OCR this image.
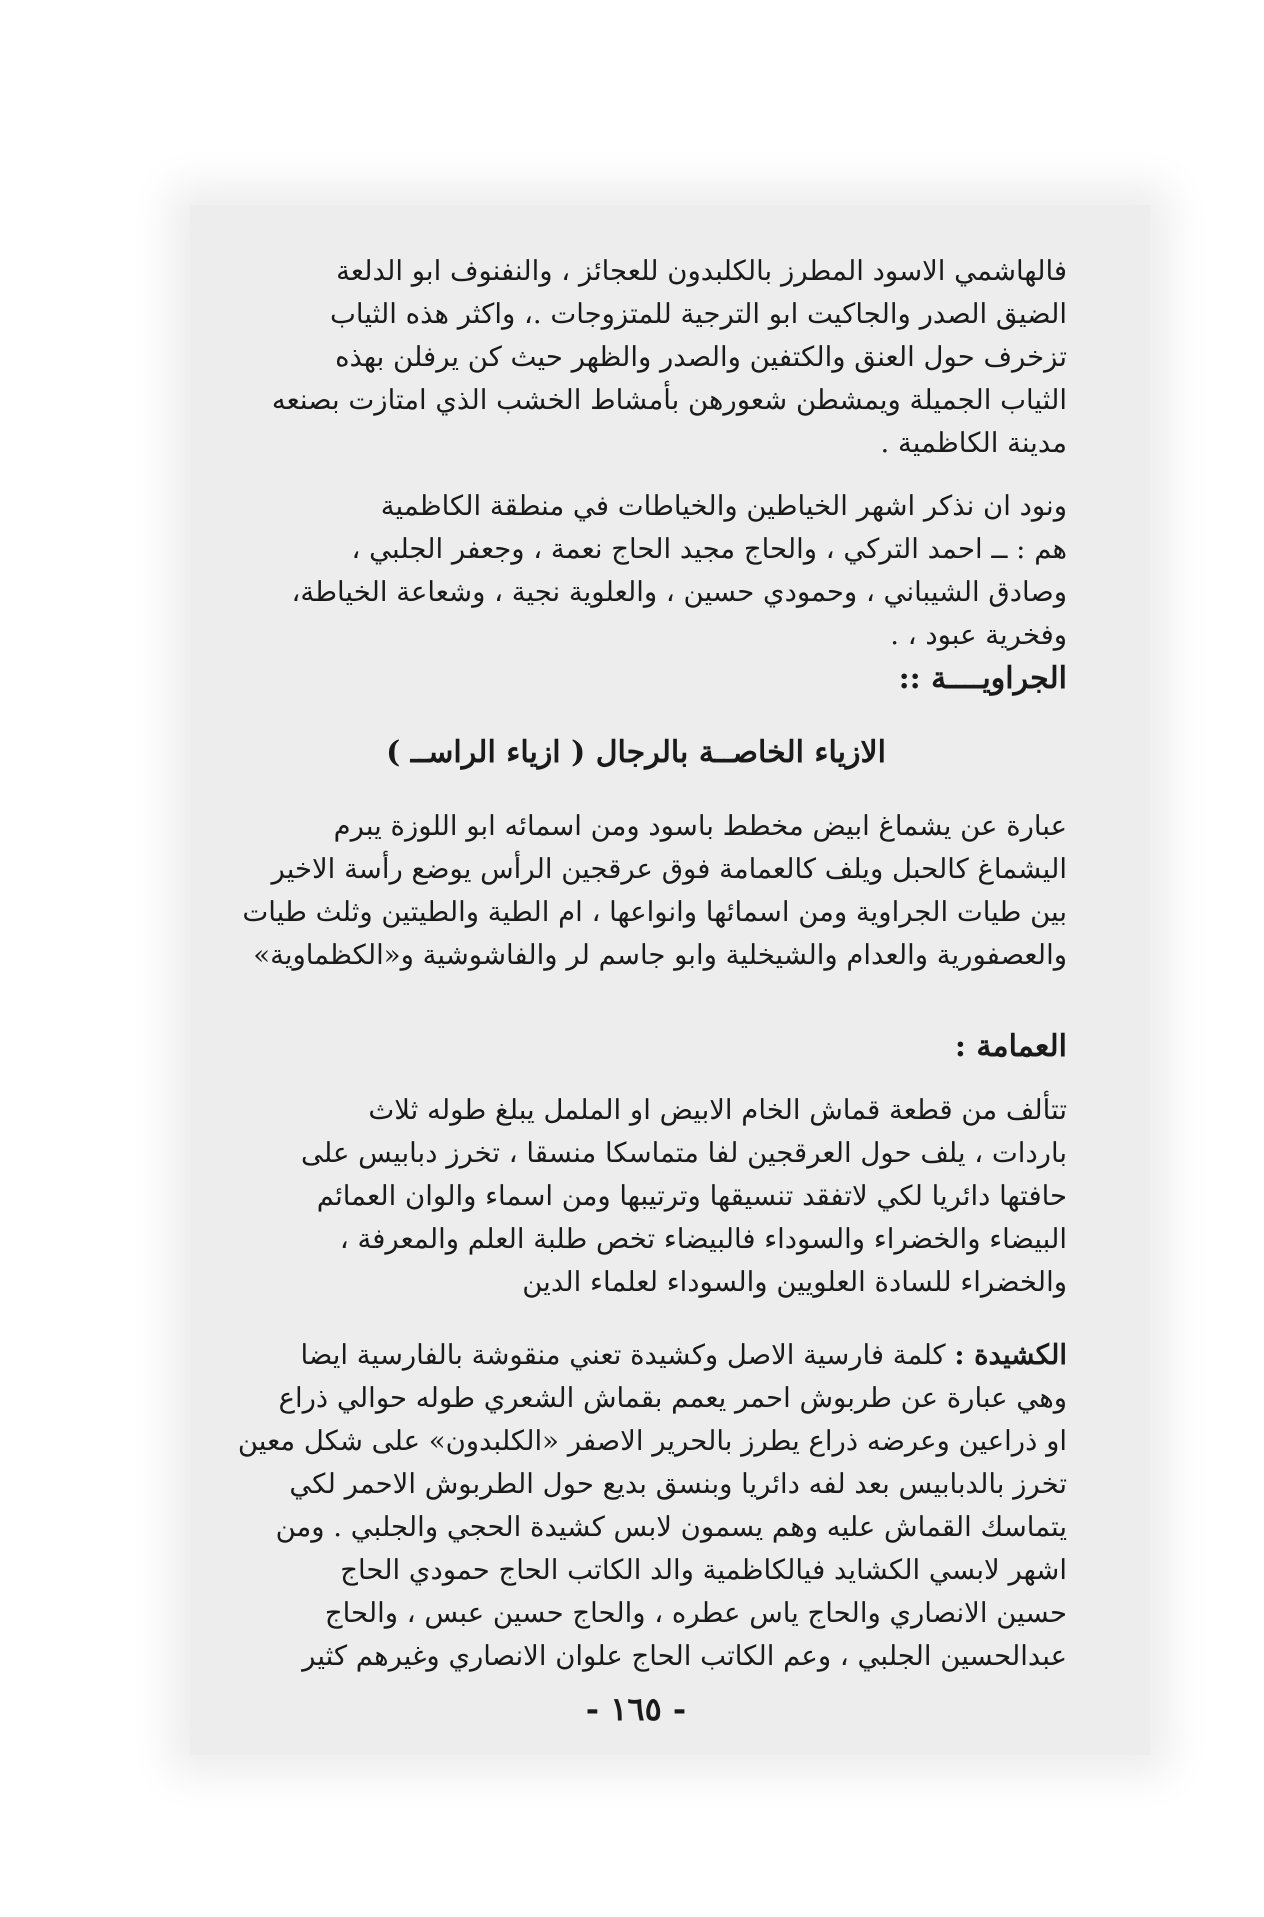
فالهاشمي الاسود المطرز بالكلبدون للعجائز ، والنفنوف ابو الدلعة
الضيق الصدر والجاكيت ابو الترجية للمتزوجات .، واكثر هذه الثياب
تزخرف حول العنق والكتفين والصدر والظهر حيث كن يرفلن بهذه
الثياب الجميلة ويمشطن شعورهن بأمشاط الخشب الذي امتازت بصنعه
مدينة الكاظمية .

ونود ان نذكر اشهر الخياطين والخياطات في منطقة الكاظمية
هم : ــ احمد التركي ، والحاج مجيد الحاج نعمة ، وجعفر الجلبي ،
وصادق الشيباني ، وحمودي حسين ، والعلوية نجية ، وشعاعة الخياطة،
وفخرية عبود ، .

الجراويــــة ::

الازياء الخاصــة بالرجال ( ازياء الراســ )

عبارة عن يشماغ ابيض مخطط باسود ومن اسمائه ابو اللوزة يبرم
اليشماغ كالحبل ويلف كالعمامة فوق عرقجين الرأس يوضع رأسة الاخير
بين طيات الجراوية ومن اسمائها وانواعها ، ام الطية والطيتين وثلث طيات
والعصفورية والعدام والشيخلية وابو جاسم لر والفاشوشية و«الكظماوية»

العمامة :

تتألف من قطعة قماش الخام الابيض او الململ يبلغ طوله ثلاث
باردات ، يلف حول العرقجين لفا متماسكا منسقا ، تخرز دبابيس على
حافتها دائريا لكي لاتفقد تنسيقها وترتيبها ومن اسماء والوان العمائم
البيضاء والخضراء والسوداء فالبيضاء تخص طلبة العلم والمعرفة ،
والخضراء للسادة العلويين والسوداء لعلماء الدين

الكشيدة : كلمة فارسية الاصل وكشيدة تعني منقوشة بالفارسية ايضا
وهي عبارة عن طربوش احمر يعمم بقماش الشعري طوله حوالي ذراع
او ذراعين وعرضه ذراع يطرز بالحرير الاصفر «الكلبدون» على شكل معين
تخرز بالدبابيس بعد لفه دائريا وبنسق بديع حول الطربوش الاحمر لكي
يتماسك القماش عليه وهم يسمون لابس كشيدة الحجي والجلبي . ومن
اشهر لابسي الكشايد فيالكاظمية والد الكاتب الحاج حمودي الحاج
حسين الانصاري والحاج ياس عطره ، والحاج حسين عبس ، والحاج
عبدالحسين الجلبي ، وعم الكاتب الحاج علوان الانصاري وغيرهم كثير

- ١٦٥ -
